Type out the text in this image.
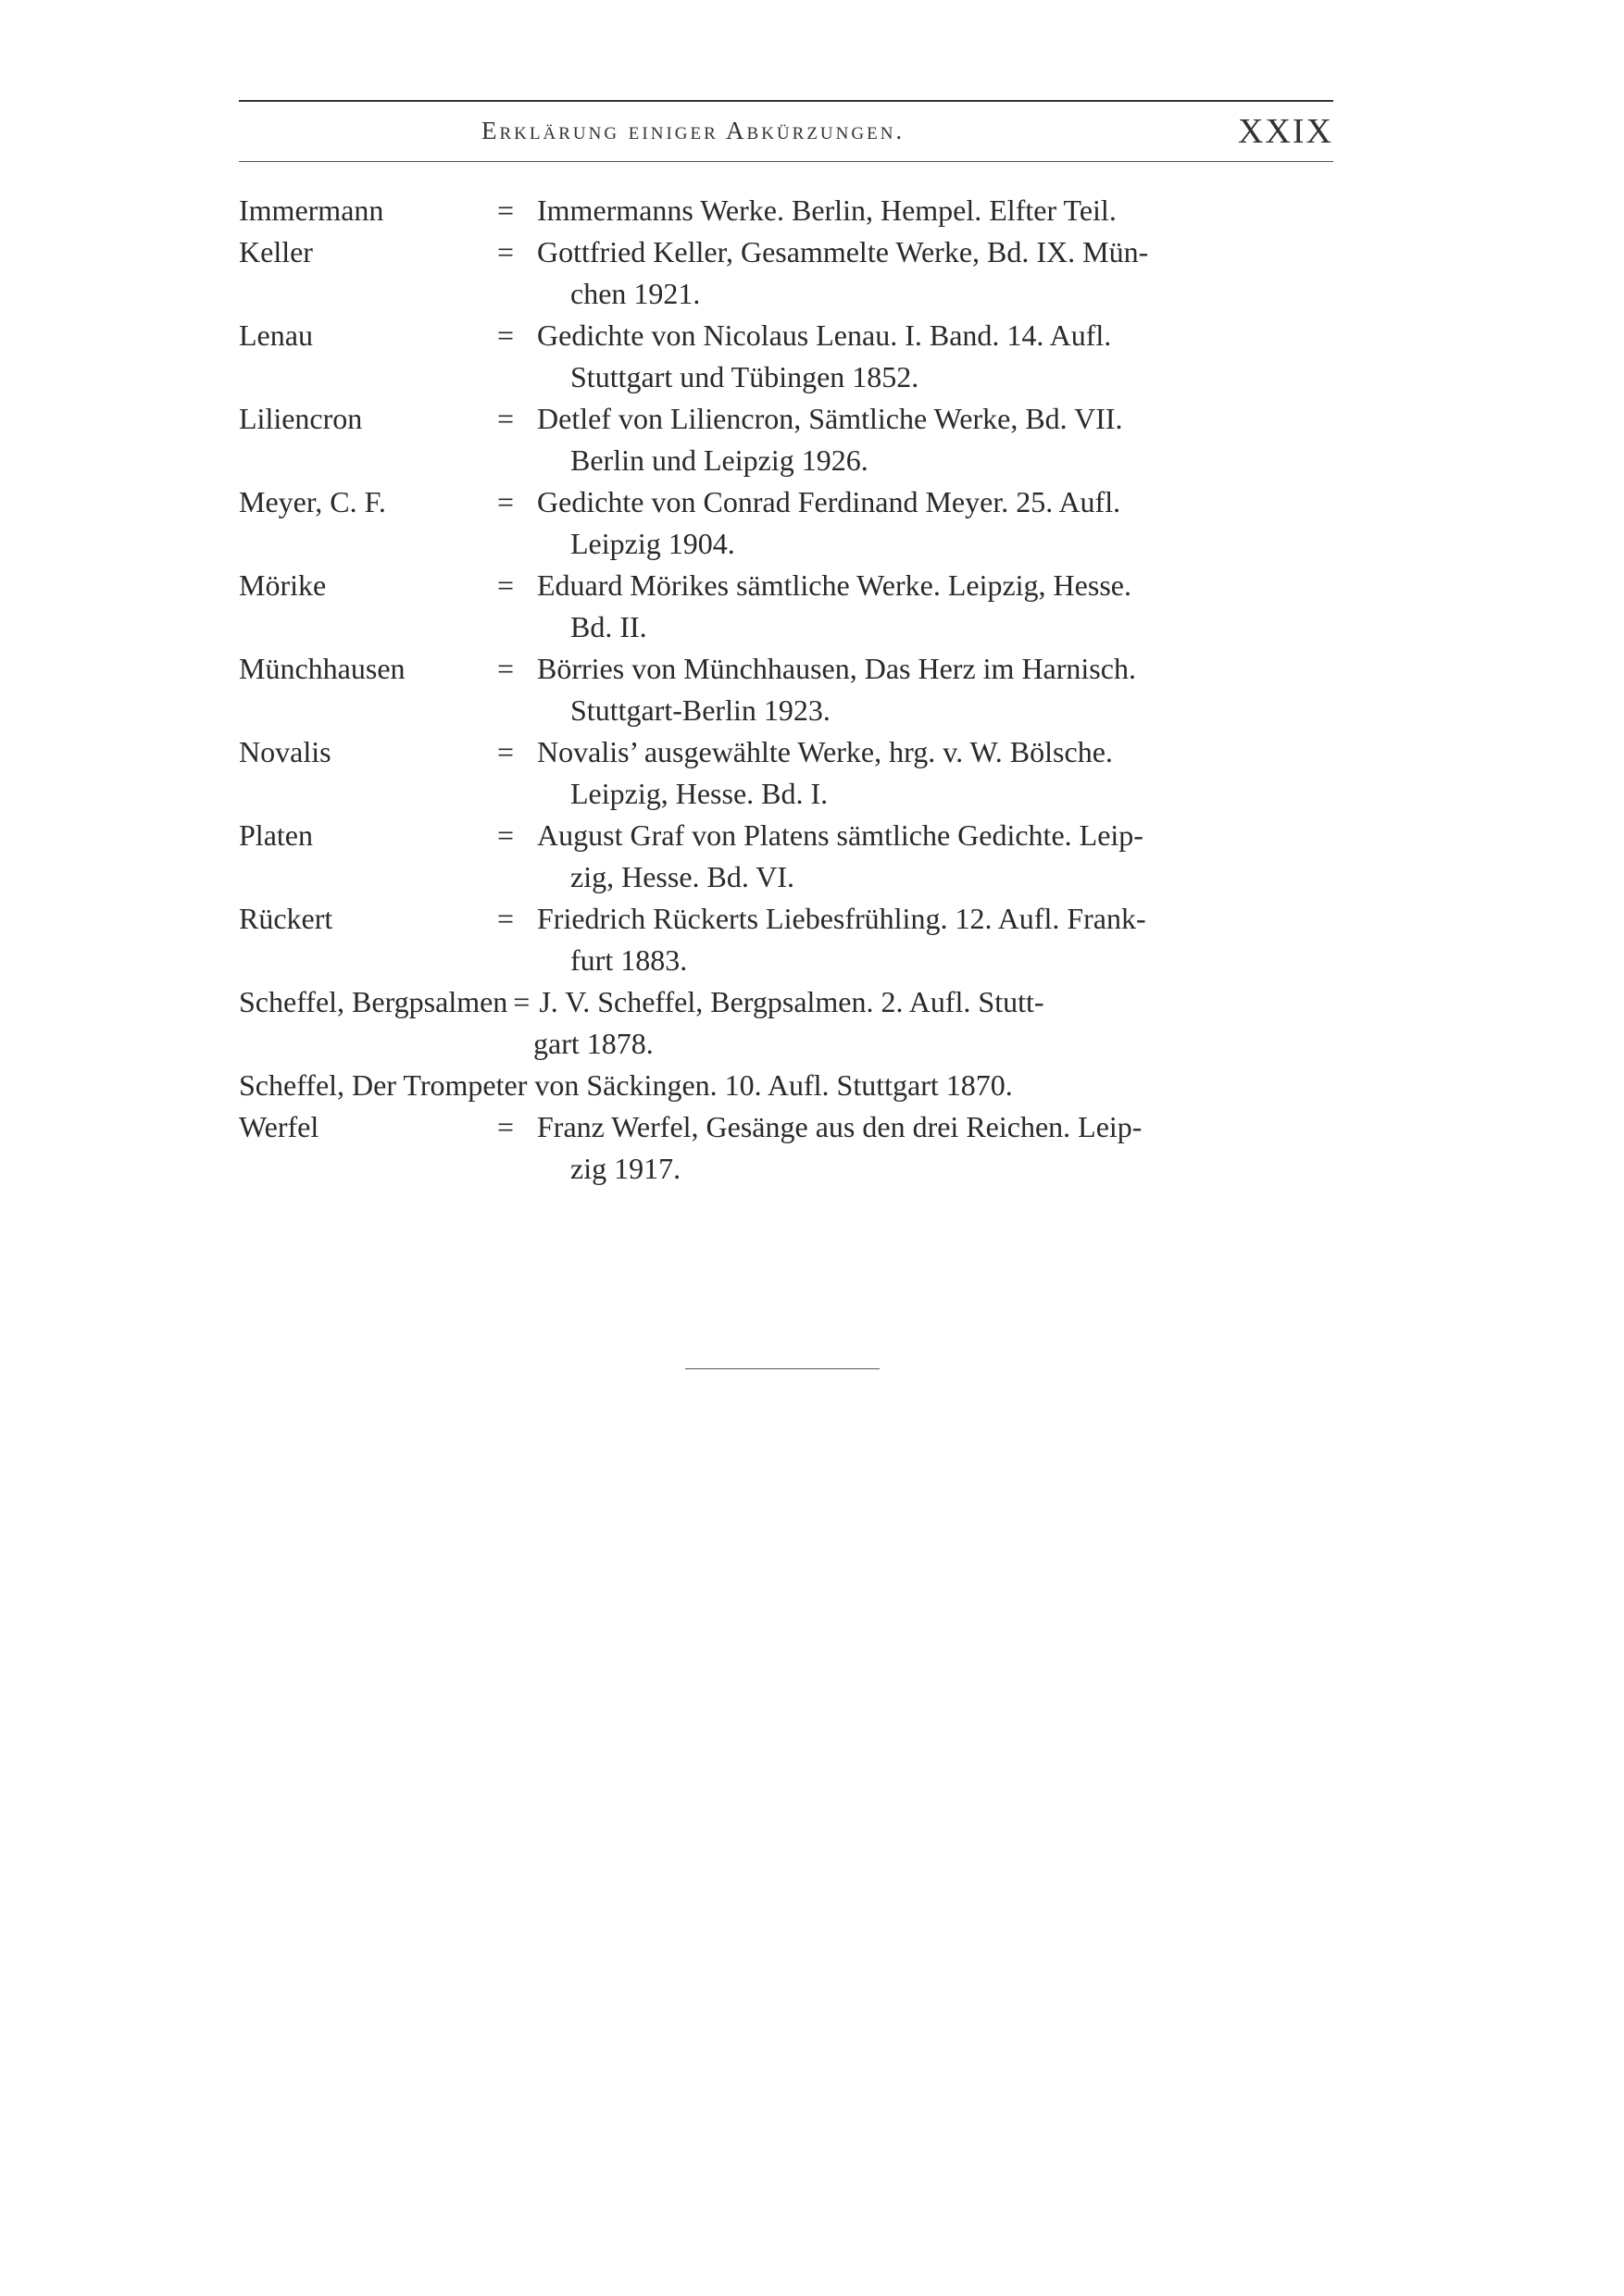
Erklärung einiger Abkürzungen.	XXIX
Immermann	= Immermanns Werke. Berlin, Hempel. Elfter Teil.
Keller	= Gottfried Keller, Gesammelte Werke, Bd. IX. Mün-
chen 1921.
Lenau	= Gedichte von Nicolaus Lenau. I. Band. 14. Aufl.
Stuttgart und Tübingen 1852.
Liliencron	= Detlef von Liliencron, Sämtliche Werke, Bd. VII.
Berlin und Leipzig 1926.
Meyer, C. F.	= Gedichte von Conrad Ferdinand Meyer. 25. Aufl.
Leipzig 1904.
Mörike	= Eduard Mörikes sämtliche Werke. Leipzig, Hesse.
Bd. II.
Münchhausen	= Börries von Münchhausen, Das Herz im Harnisch.
Stuttgart-Berlin 1923.
Novalis	= Novalis’ ausgewählte Werke, hrg. v. W. Bölsche.
Leipzig, Hesse. Bd. I.
Platen	= August Graf von Platens sämtliche Gedichte. Leip-
zig, Hesse. Bd. VI.
Rückert	= Friedrich Rückerts Liebesfrühling. 12. Aufl. Frank-
furt 1883.
Scheffel, Bergpsalmen = J. V. Scheffel, Bergpsalmen. 2. Aufl. Stutt-
gart 1878.
Scheffel, Der Trompeter von Säckingen. 10. Aufl. Stuttgart 1870.
Werfel	= Franz Werfel, Gesänge aus den drei Reichen. Leip-
zig 1917.
